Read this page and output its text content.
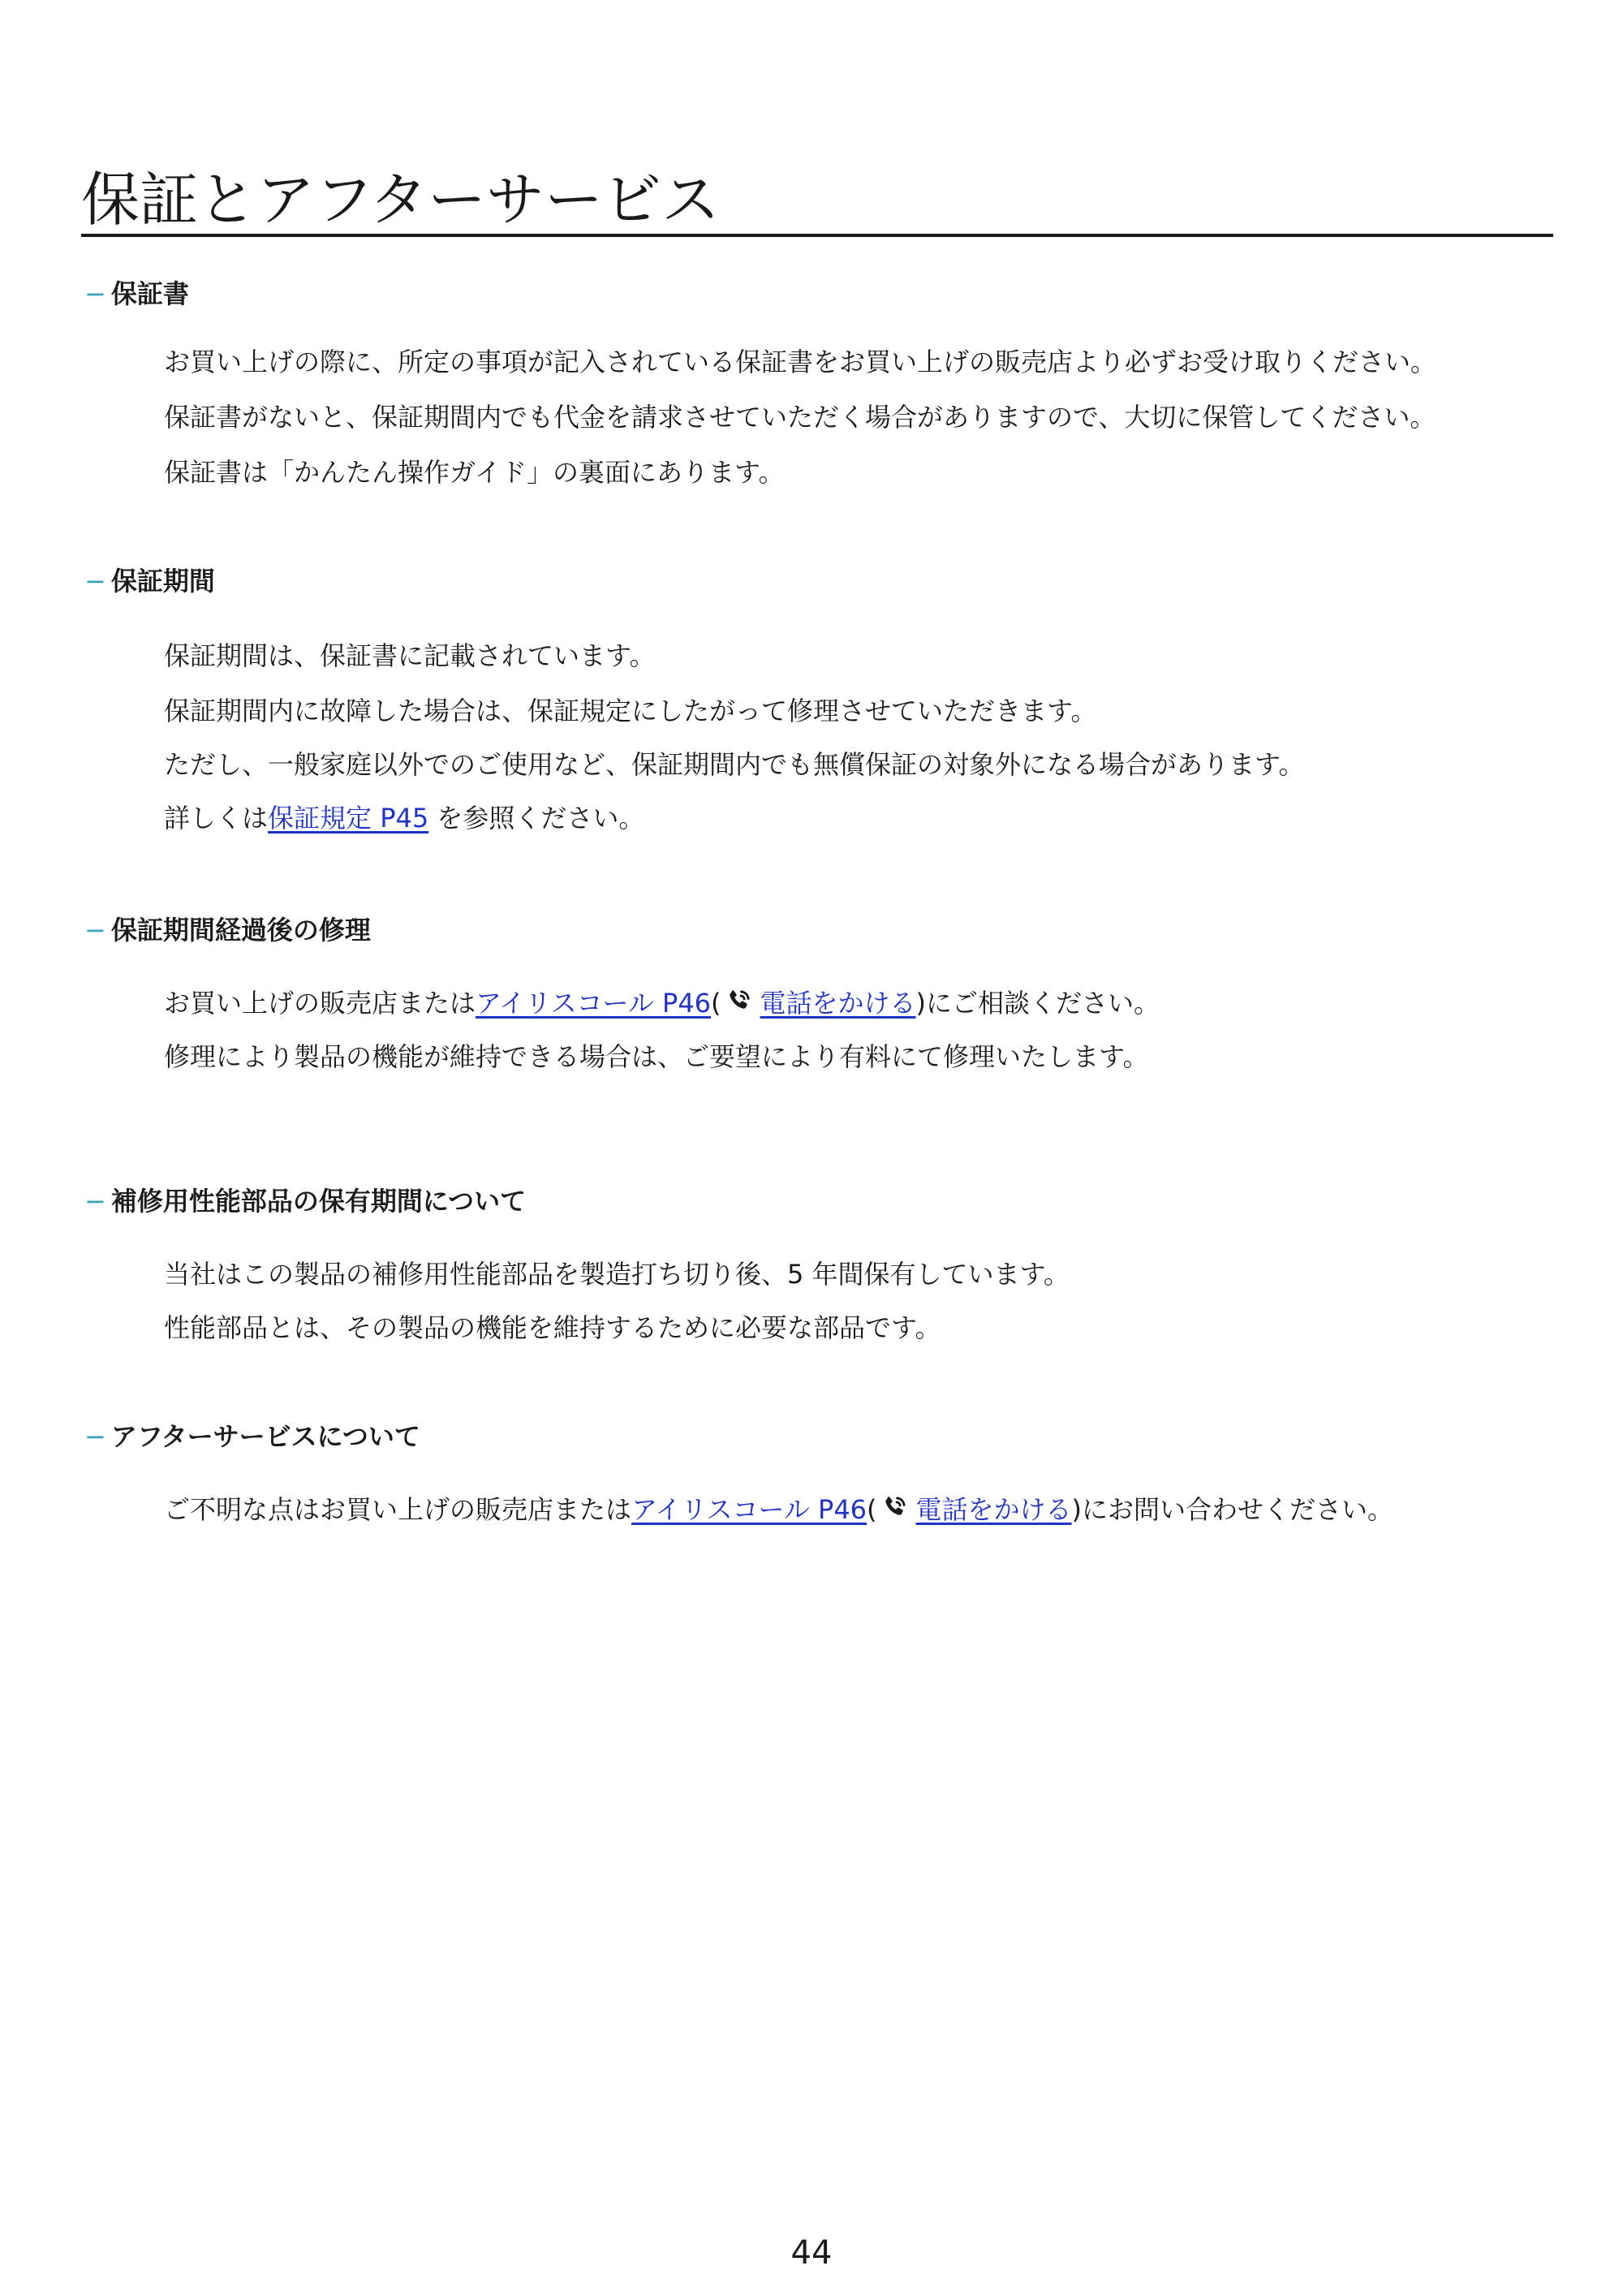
保証とアフターサービス
− 保証書

お買い上げの際に、所定の事項が記入されている保証書をお買い上げの販売店より必ずお受け取りください。

保証書がないと、保証期間内でも代金を請求させていただく場合がありますので、大切に保管してください。

保証書は「かんたん操作ガイド」の裏面にあります。

− 保証期間

保証期間は、保証書に記載されています。

保証期間内に故障した場合は、保証規定にしたがって修理させていただきます。

ただし、一般家庭以外でのご使用など、保証期間内でも無償保証の対象外になる場合があります。

詳しくは保証規定 P45 を参照ください。

− 保証期間経過後の修理

お買い上げの販売店またはアイリスコール P46( 電話をかける)にご相談ください。

修理により製品の機能が維持できる場合は、ご要望により有料にて修理いたします。

− 補修用性能部品の保有期間について

当社はこの製品の補修用性能部品を製造打ち切り後、5 年間保有しています。

性能部品とは、その製品の機能を維持するために必要な部品です。

− アフターサービスについて

ご不明な点はお買い上げの販売店またはアイリスコール P46( 電話をかける)にお問い合わせください。

44
